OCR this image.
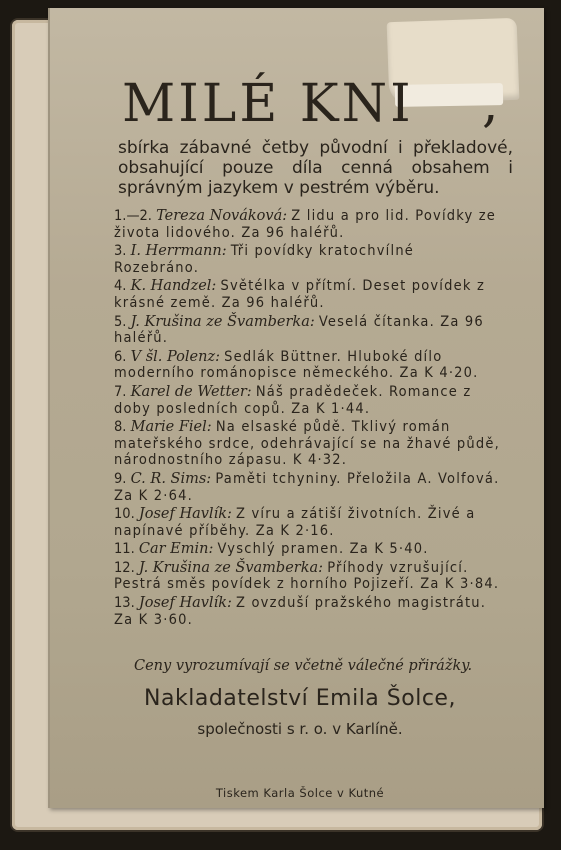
MILÉ KNI	,
sbírka zábavné četby původní i překladové, obsahující pouze díla cenná obsahem i správným jazykem v pestrém výběru.
1.—2. Tereza Nováková: Z lidu a pro lid. Povídky ze života lidového. Za 96 haléřů.
3. I. Herrmann: Tři povídky kratochvílné Rozebráno.
4. K. Handzel: Světélka v přítmí. Deset povídek z krásné země. Za 96 haléřů.
5. J. Krušina ze Švamberka: Veselá čítanka. Za 96 haléřů.
6. V šl. Polenz: Sedlák Büttner. Hluboké dílo moderního románopisce německého. Za K 4·20.
7. Karel de Wetter: Náš pradědeček. Romance z doby posledních copů. Za K 1·44.
8. Marie Fiel: Na elsaské půdě. Tklivý román mateřského srdce, odehrávající se na žhavé půdě, národnostního zápasu. K 4·32.
9. C. R. Sims: Paměti tchyniny. Přeložila A. Volfová. Za K 2·64.
10. Josef Havlík: Z víru a zátiší životních. Živé a napínavé příběhy. Za K 2·16.
11. Car Emin: Vyschlý pramen. Za K 5·40.
12. J. Krušina ze Švamberka: Příhody vzrušující. Pestrá směs povídek z horního Pojizeří. Za K 3·84.
13. Josef Havlík: Z ovzduší pražského magistrátu. Za K 3·60.
Ceny vyrozumívají se včetně válečné přirážky.
Nakladatelství Emila Šolce,
společnosti s r. o. v Karlíně.
Tiskem Karla Šolce v Kutné
